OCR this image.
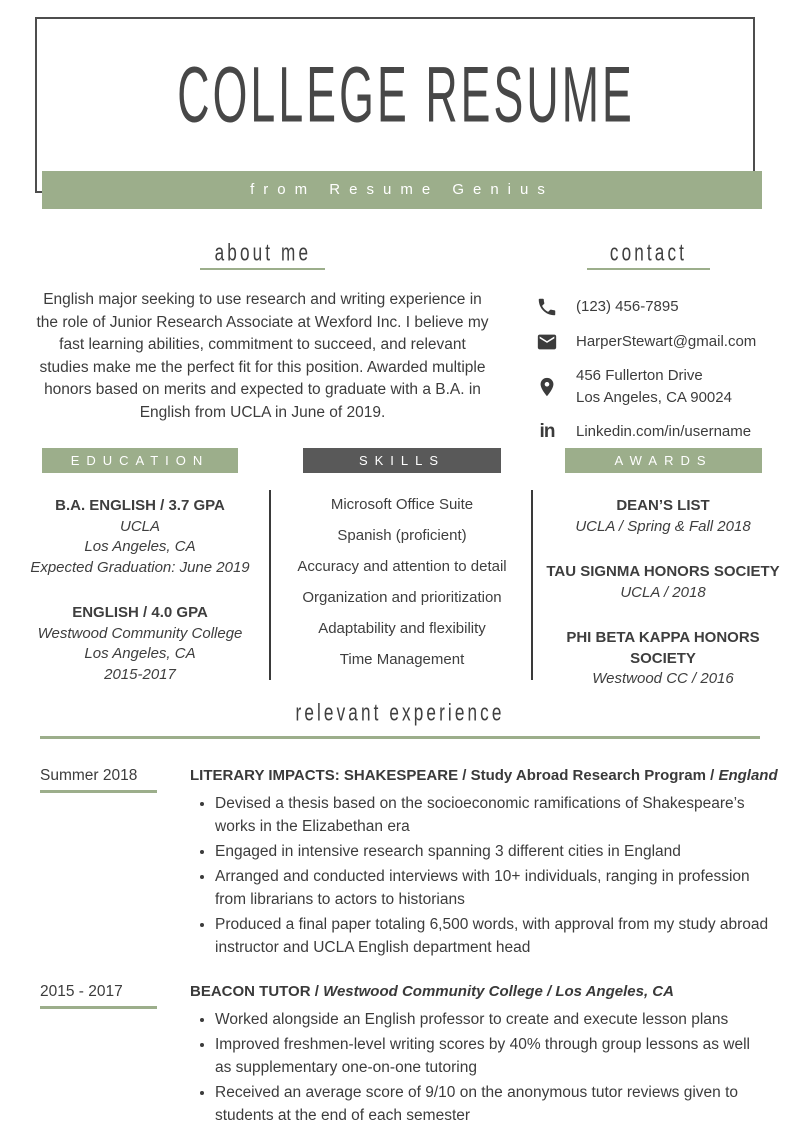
COLLEGE RESUME
from Resume Genius
about me
English major seeking to use research and writing experience in the role of Junior Research Associate at Wexford Inc. I believe my fast learning abilities, commitment to succeed, and relevant studies make me the perfect fit for this position. Awarded multiple honors based on merits and expected to graduate with a B.A. in English from UCLA in June of 2019.
contact
(123) 456-7895
HarperStewart@gmail.com
456 Fullerton Drive
Los Angeles, CA 90024
in Linkedin.com/in/username
EDUCATION
B.A. ENGLISH / 3.7 GPA
UCLA
Los Angeles, CA
Expected Graduation: June 2019
ENGLISH / 4.0 GPA
Westwood Community College
Los Angeles, CA
2015-2017
SKILLS
Microsoft Office Suite
Spanish (proficient)
Accuracy and attention to detail
Organization and prioritization
Adaptability and flexibility
Time Management
AWARDS
DEAN’S LIST
UCLA / Spring & Fall 2018
TAU SIGNMA HONORS SOCIETY
UCLA / 2018
PHI BETA KAPPA HONORS SOCIETY
Westwood CC / 2016
relevant experience
Summer 2018	LITERARY IMPACTS: SHAKESPEARE / Study Abroad Research Program / England
• Devised a thesis based on the socioeconomic ramifications of Shakespeare’s works in the Elizabethan era
• Engaged in intensive research spanning 3 different cities in England
• Arranged and conducted interviews with 10+ individuals, ranging in profession from librarians to actors to historians
• Produced a final paper totaling 6,500 words, with approval from my study abroad instructor and UCLA English department head
2015 - 2017	BEACON TUTOR / Westwood Community College / Los Angeles, CA
• Worked alongside an English professor to create and execute lesson plans
• Improved freshmen-level writing scores by 40% through group lessons as well as supplementary one-on-one tutoring
• Received an average score of 9/10 on the anonymous tutor reviews given to students at the end of each semester
